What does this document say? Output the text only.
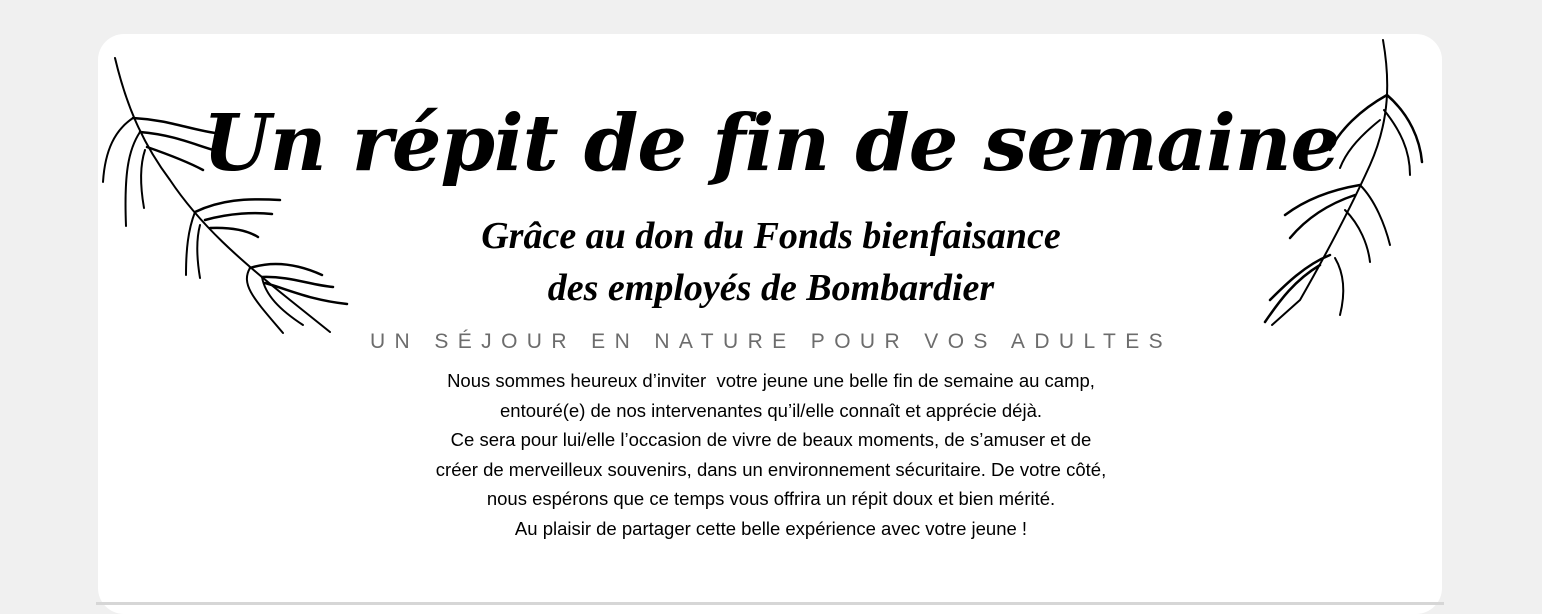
Un répit de fin de semaine
Grâce au don du Fonds bienfaisance
des employés de Bombardier
UN SÉJOUR EN NATURE POUR VOS ADULTES
Nous sommes heureux d’inviter  votre jeune une belle fin de semaine au camp,
entouré(e) de nos intervenantes qu’il/elle connaît et apprécie déjà.
Ce sera pour lui/elle l’occasion de vivre de beaux moments, de s’amuser et de
créer de merveilleux souvenirs, dans un environnement sécuritaire. De votre côté,
nous espérons que ce temps vous offrira un répit doux et bien mérité.
Au plaisir de partager cette belle expérience avec votre jeune !
